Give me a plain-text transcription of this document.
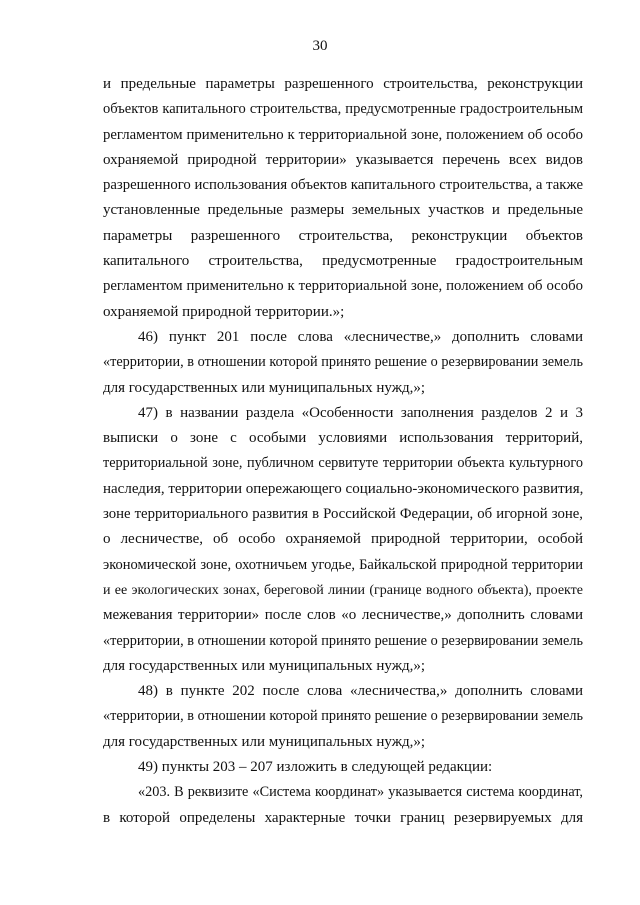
30
и предельные параметры разрешенного строительства, реконструкции
объектов капитального строительства, предусмотренные градостроительным
регламентом применительно к территориальной зоне, положением об особо
охраняемой природной территории» указывается перечень всех видов
разрешенного использования объектов капитального строительства, а также
установленные предельные размеры земельных участков и предельные
параметры разрешенного строительства, реконструкции объектов
капитального строительства, предусмотренные градостроительным
регламентом применительно к территориальной зоне, положением об особо
охраняемой природной территории.»;
46) пункт 201 после слова «лесничестве,» дополнить словами
«территории, в отношении которой принято решение о резервировании земель
для государственных или муниципальных нужд,»;
47) в названии раздела «Особенности заполнения разделов 2 и 3
выписки о зоне с особыми условиями использования территорий,
территориальной зоне, публичном сервитуте территории объекта культурного
наследия, территории опережающего социально-экономического развития,
зоне территориального развития в Российской Федерации, об игорной зоне,
о лесничестве, об особо охраняемой природной территории, особой
экономической зоне, охотничьем угодье, Байкальской природной территории
и ее экологических зонах, береговой линии (границе водного объекта), проекте
межевания территории» после слов «о лесничестве,» дополнить словами
«территории, в отношении которой принято решение о резервировании земель
для государственных или муниципальных нужд,»;
48) в пункте 202 после слова «лесничества,» дополнить словами
«территории, в отношении которой принято решение о резервировании земель
для государственных или муниципальных нужд,»;
49) пункты 203 – 207 изложить в следующей редакции:
«203. В реквизите «Система координат» указывается система координат,
в которой определены характерные точки границ резервируемых для
